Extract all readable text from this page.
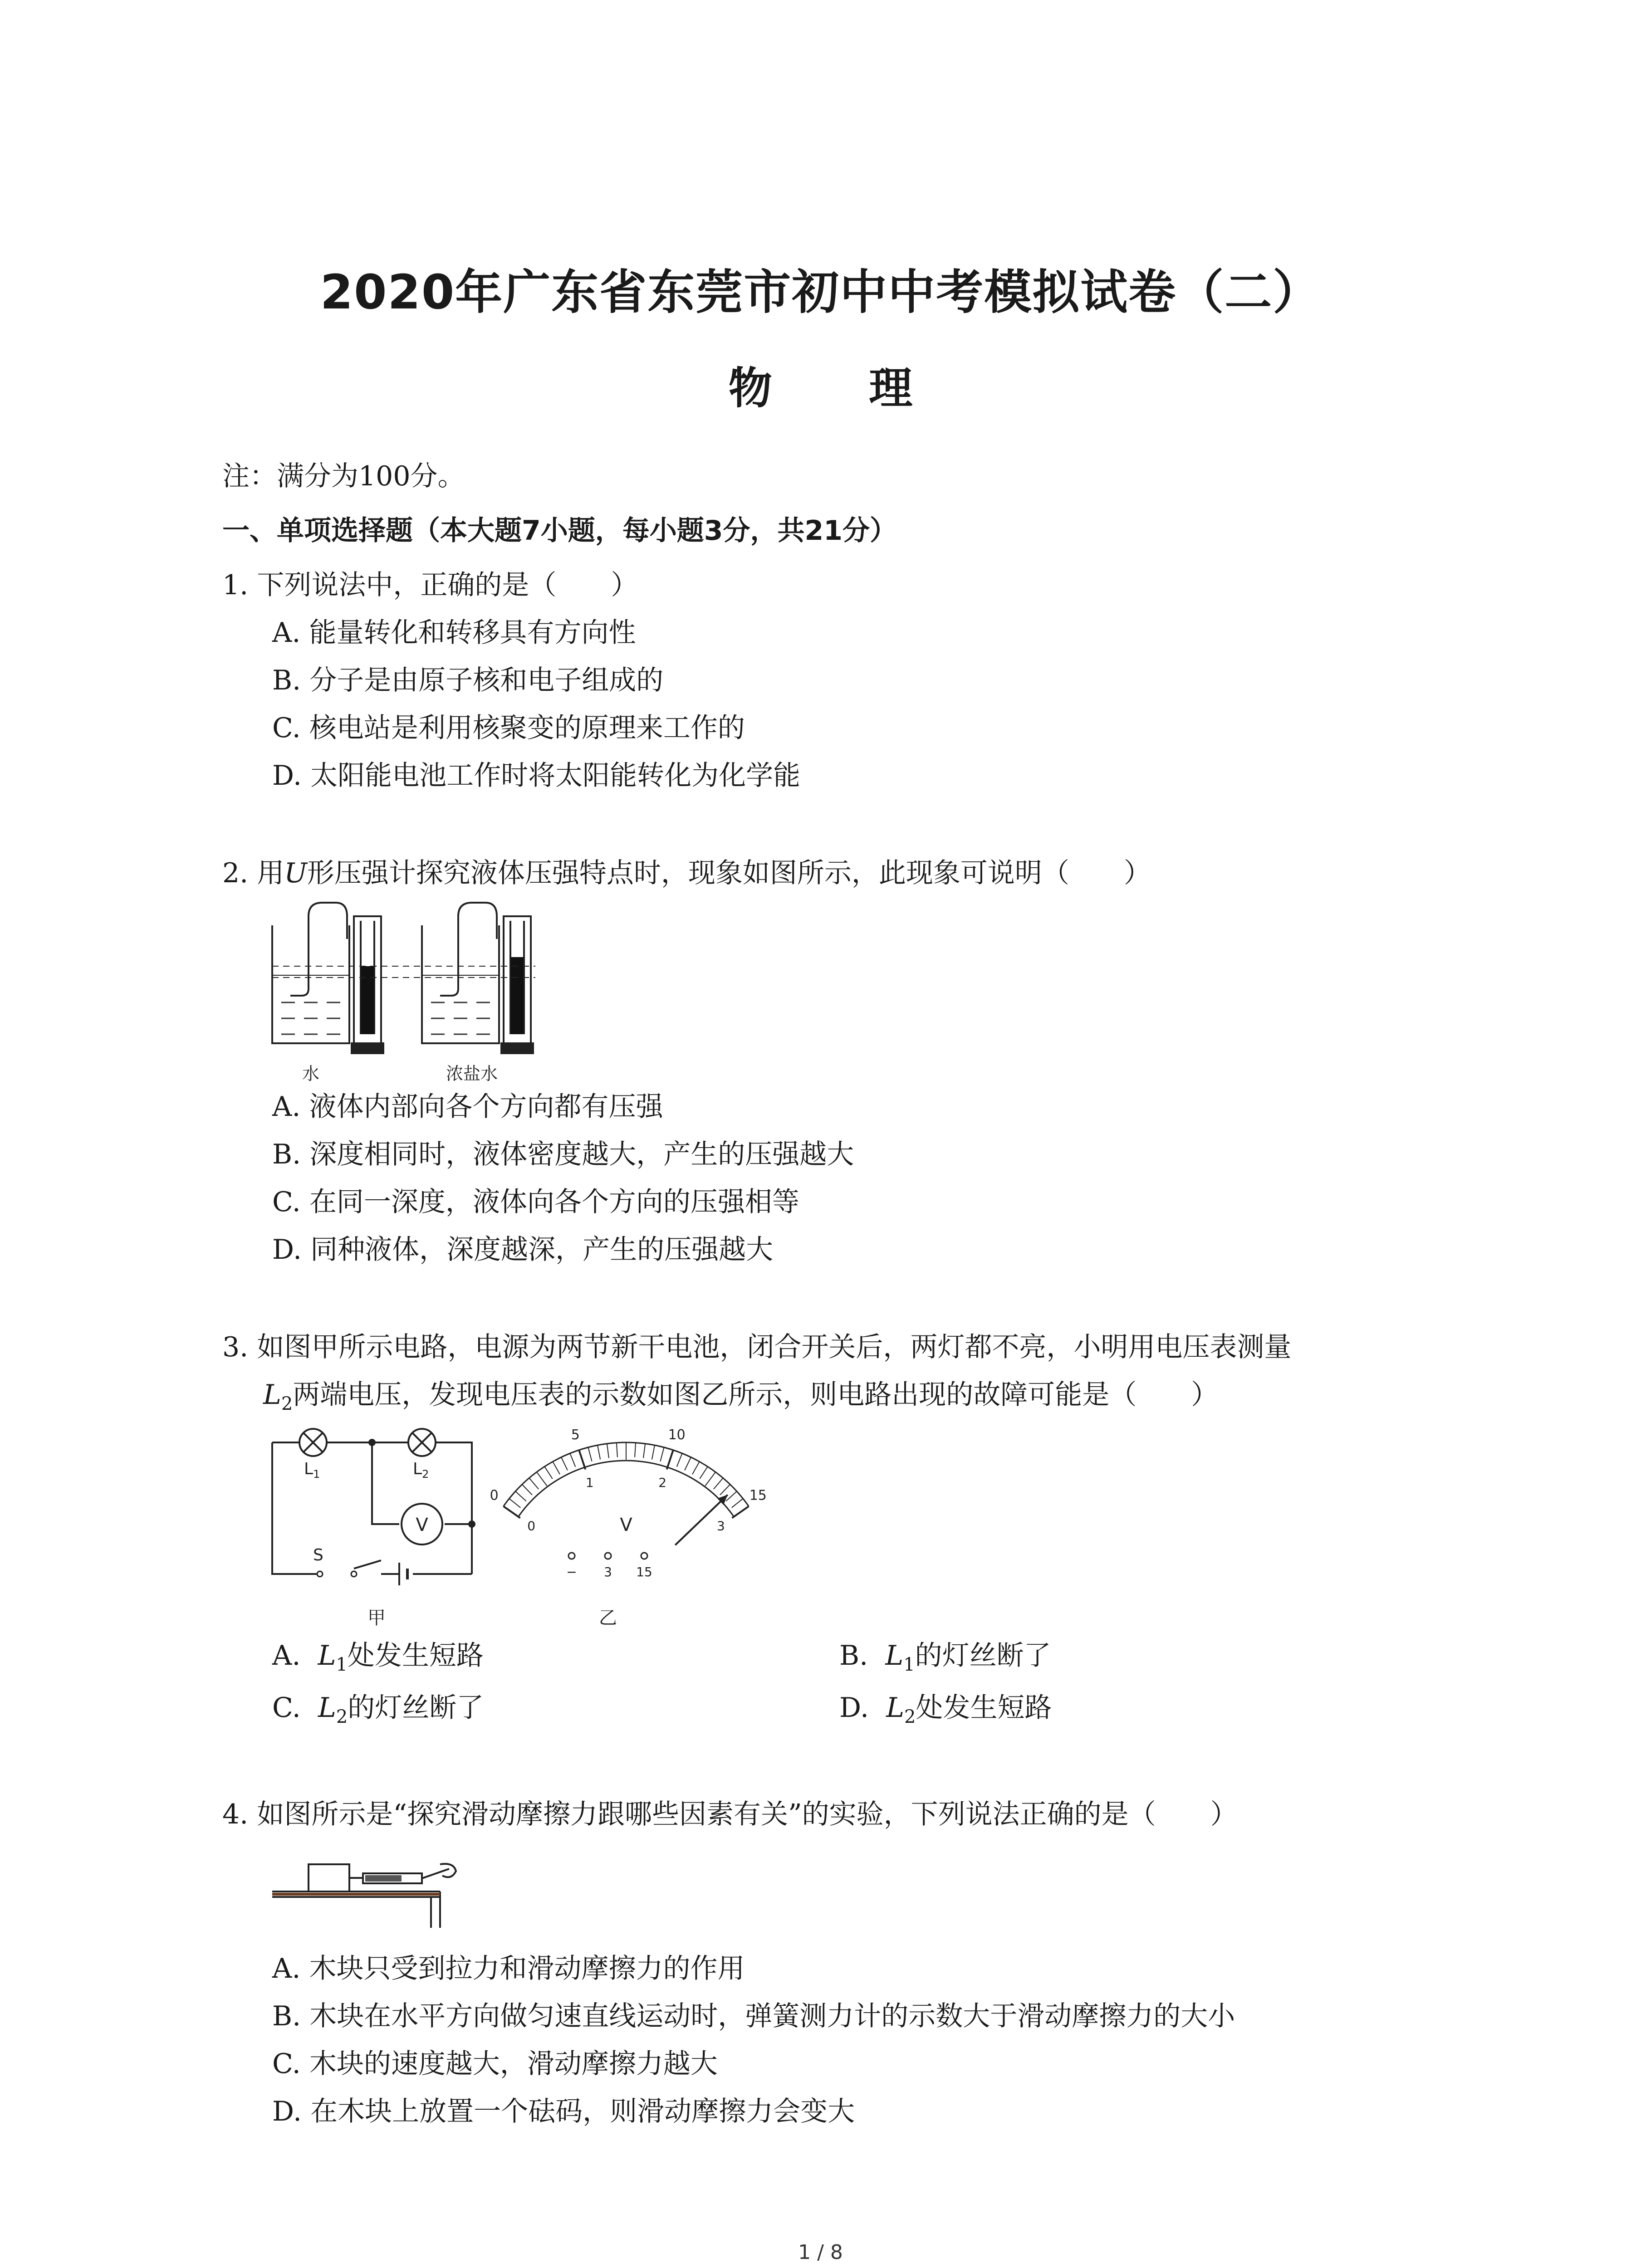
2020年广东省东莞市初中中考模拟试卷（二）
物 理
注：满分为100分。
一、单项选择题（本大题7小题，每小题3分，共21分）
1. 下列说法中，正确的是（　　）
A. 能量转化和转移具有方向性
B. 分子是由原子核和电子组成的
C. 核电站是利用核聚变的原理来工作的
D. 太阳能电池工作时将太阳能转化为化学能
2. 用U形压强计探究液体压强特点时，现象如图所示，此现象可说明（　　）
水	浓盐水
A. 液体内部向各个方向都有压强
B. 深度相同时，液体密度越大，产生的压强越大
C. 在同一深度，液体向各个方向的压强相等
D. 同种液体，深度越深，产生的压强越大
3. 如图甲所示电路，电源为两节新干电池，闭合开关后，两灯都不亮，小明用电压表测量
$L_2$两端电压，发现电压表的示数如图乙所示，则电路出现的故障可能是（　　）
$L_1$	$L_2$
V
S
甲
0
5	10
15
0
1	2
3
V
− 3 15
乙
A. $L_1$处发生短路	B. $L_1$的灯丝断了
C. $L_2$的灯丝断了	D. $L_2$处发生短路
4. 如图所示是“探究滑动摩擦力跟哪些因素有关”的实验，下列说法正确的是（　　）
A. 木块只受到拉力和滑动摩擦力的作用
B. 木块在水平方向做匀速直线运动时，弹簧测力计的示数大于滑动摩擦力的大小
C. 木块的速度越大，滑动摩擦力越大
D. 在木块上放置一个砝码，则滑动摩擦力会变大
1 / 8
